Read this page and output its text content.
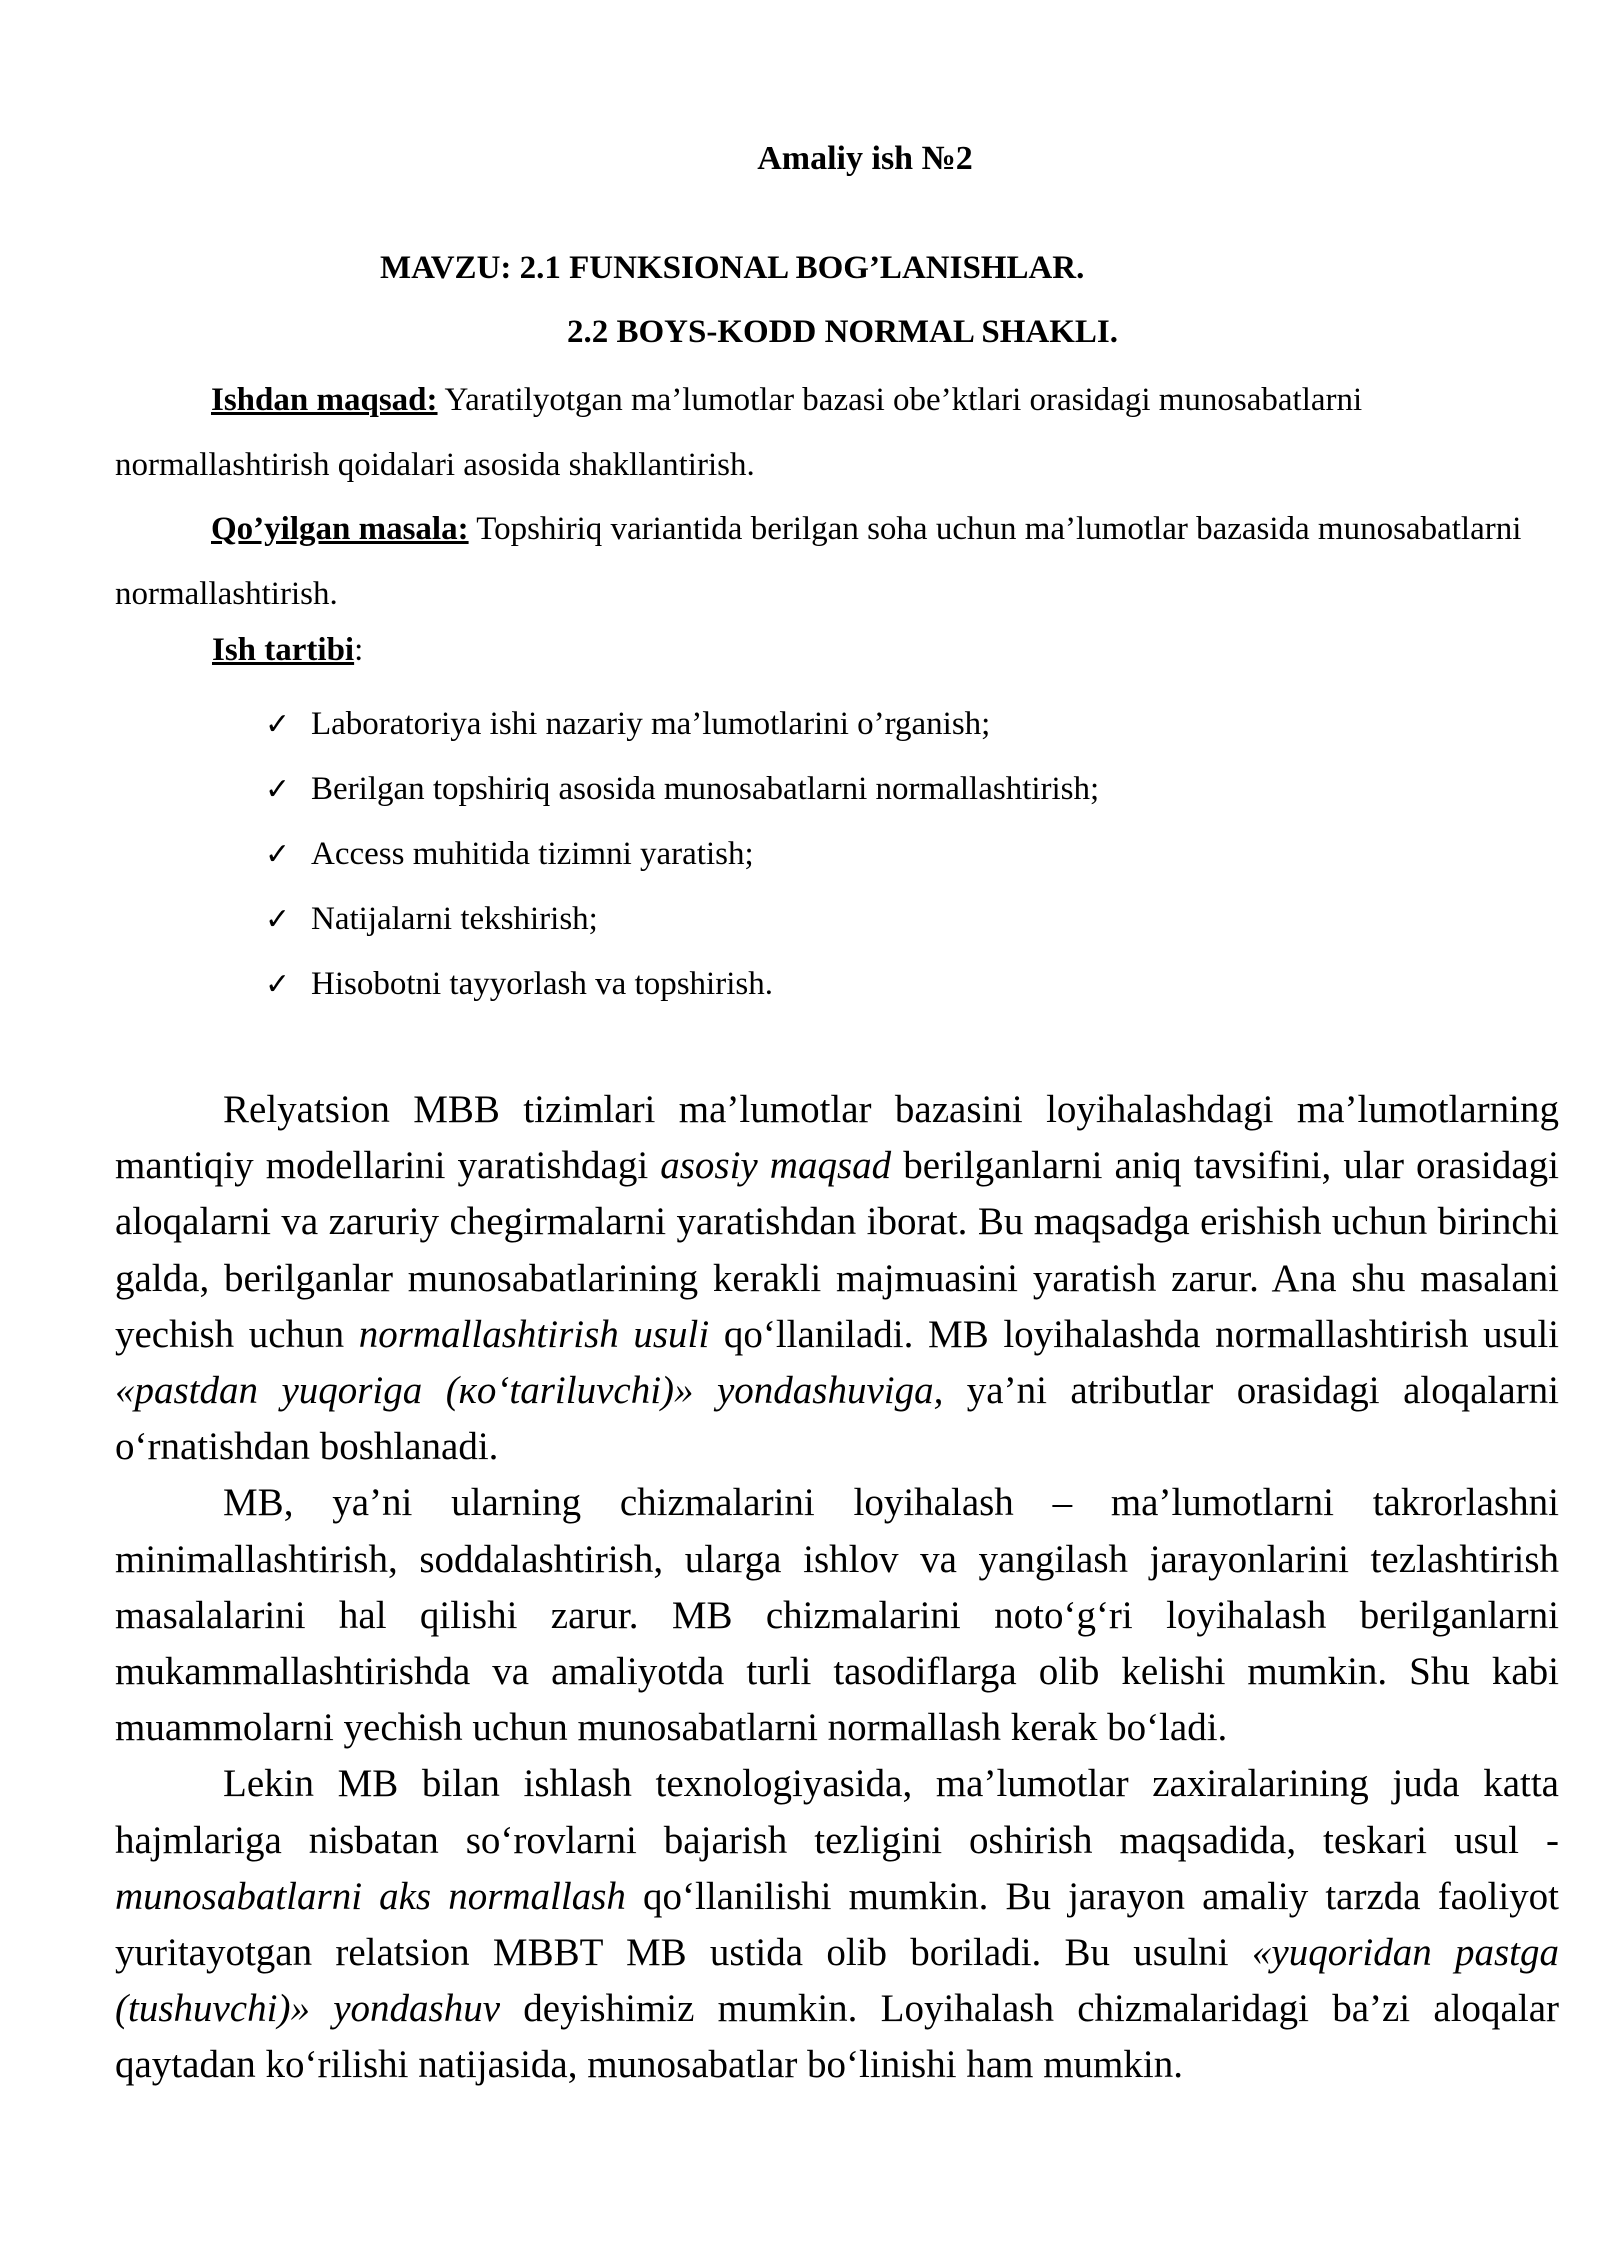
Amaliy ish №2
MAVZU: 2.1 FUNKSIONAL BOG’LANISHLAR.
2.2 BOYS-KODD NORMAL SHAKLI.

Ishdan maqsad: Yaratilyotgan ma’lumotlar bazasi obe’ktlari orasidagi munosabatlarni normallashtirish qoidalari asosida shakllantirish.

Qo’yilgan masala: Topshiriq variantida berilgan soha uchun ma’lumotlar bazasida munosabatlarni normallashtirish.

Ish tartibi:
✓ Laboratoriya ishi nazariy ma’lumotlarini o’rganish;
✓ Berilgan topshiriq asosida munosabatlarni normallashtirish;
✓ Access muhitida tizimni yaratish;
✓ Natijalarni tekshirish;
✓ Hisobotni tayyorlash va topshirish.

Relyatsion MBB tizimlari ma’lumotlar bazasini loyihalashdagi ma’lumotlarning mantiqiy modellarini yaratishdagi asosiy maqsad berilganlarni aniq tavsifini, ular orasidagi aloqalarni va zaruriy chegirmalarni yaratishdan iborat. Bu maqsadga erishish uchun birinchi galda, berilganlar munosabatlarining kerakli majmuasini yaratish zarur. Ana shu masalani yechish uchun normallashtirish usuli qo‘llaniladi. MB loyihalashda normallashtirish usuli «pastdan yuqoriga (кo‘tariluvchi)» yondashuviga, ya’ni atributlar orasidagi aloqalarni o‘rnatishdan boshlanadi.

MB, ya’ni ularning chizmalarini loyihalash – ma’lumotlarni takrorlashni minimallashtirish, soddalashtirish, ularga ishlov va yangilash jarayonlarini tezlashtirish masalalarini hal qilishi zarur. MB chizmalarini noto‘g‘ri loyihalash berilganlarni mukammallashtirishda va amaliyotda turli tasodiflarga olib kelishi mumkin. Shu kabi muammolarni yechish uchun munosabatlarni normallash kerak bo‘ladi.

Lekin MB bilan ishlash texnologiyasida, ma’lumotlar zaxiralarining juda katta hajmlariga nisbatan so‘rovlarni bajarish tezligini oshirish maqsadida, teskari usul - munosabatlarni aks normallash qo‘llanilishi mumkin. Bu jarayon amaliy tarzda faoliyot yuritayotgan relatsion MBBT MB ustida olib boriladi. Bu usulni «yuqoridan pastga (tushuvchi)» yondashuv deyishimiz mumkin. Loyihalash chizmalaridagi ba’zi aloqalar qaytadan ko‘rilishi natijasida, munosabatlar bo‘linishi ham mumkin.
